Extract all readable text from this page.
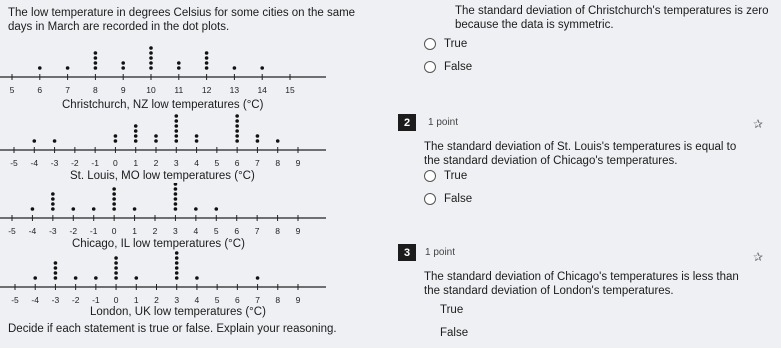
The low temperature in degrees Celsius for some cities on the same days in March are recorded in the dot plots.
5	6	7	8	9 10 11 12 13 14 15
Christchurch, NZ low temperatures (°C)
-5 -4 -3 -2 -1 0 1 2 3 4 5 6 7 8 9
St. Louis, MO low temperatures (°C)
-5 -4 -3 -2 -1 0 1 2 3 4 5 6 7 8 9
Chicago, IL low temperatures (°C)
-5 -4 -3 -2 -1 0 1 2 3 4 5 6 7 8 9
London, UK low temperatures (°C)
Decide if each statement is true or false. Explain your reasoning.
The standard deviation of Christchurch's temperatures is zero because the data is symmetric.
True
False
2	1 point	✰
The standard deviation of St. Louis's temperatures is equal to the standard deviation of Chicago's temperatures.
True
False
3	1 point	✰
The standard deviation of Chicago's temperatures is less than the standard deviation of London's temperatures.
True
False
